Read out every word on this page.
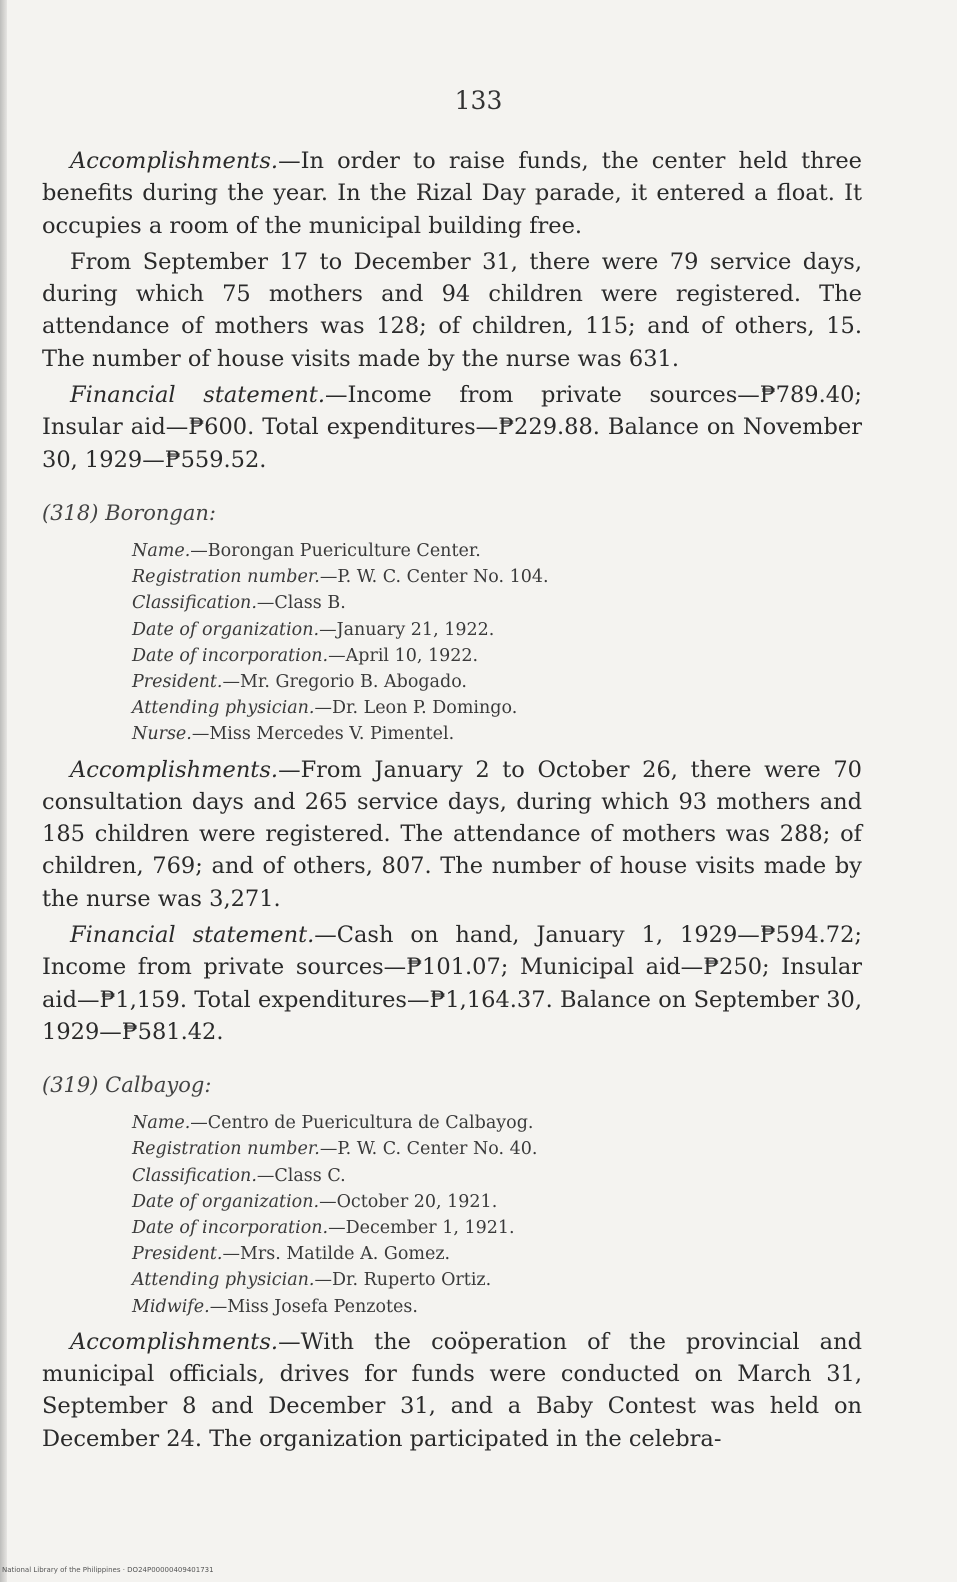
133

Accomplishments.—In order to raise funds, the center held three benefits during the year. In the Rizal Day parade, it entered a float. It occupies a room of the municipal building free.

From September 17 to December 31, there were 79 service days, during which 75 mothers and 94 children were registered. The attendance of mothers was 128; of children, 115; and of others, 15. The number of house visits made by the nurse was 631.

Financial statement.—Income from private sources—₱789.40; Insular aid—₱600. Total expenditures—₱229.88. Balance on November 30, 1929—₱559.52.

(318) Borongan:
Name.—Borongan Puericulture Center.
Registration number.—P. W. C. Center No. 104.
Classification.—Class B.
Date of organization.—January 21, 1922.
Date of incorporation.—April 10, 1922.
President.—Mr. Gregorio B. Abogado.
Attending physician.—Dr. Leon P. Domingo.
Nurse.—Miss Mercedes V. Pimentel.

Accomplishments.—From January 2 to October 26, there were 70 consultation days and 265 service days, during which 93 mothers and 185 children were registered. The attendance of mothers was 288; of children, 769; and of others, 807. The number of house visits made by the nurse was 3,271.

Financial statement.—Cash on hand, January 1, 1929—₱594.72; Income from private sources—₱101.07; Municipal aid—₱250; Insular aid—₱1,159. Total expenditures—₱1,164.37. Balance on September 30, 1929—₱581.42.

(319) Calbayog:
Name.—Centro de Puericultura de Calbayog.
Registration number.—P. W. C. Center No. 40.
Classification.—Class C.
Date of organization.—October 20, 1921.
Date of incorporation.—December 1, 1921.
President.—Mrs. Matilde A. Gomez.
Attending physician.—Dr. Ruperto Ortiz.
Midwife.—Miss Josefa Penzotes.

Accomplishments.—With the coöperation of the provincial and municipal officials, drives for funds were conducted on March 31, September 8 and December 31, and a Baby Contest was held on December 24. The organization participated in the celebra-

National Library of the Philippines · DO24P00000409401731
